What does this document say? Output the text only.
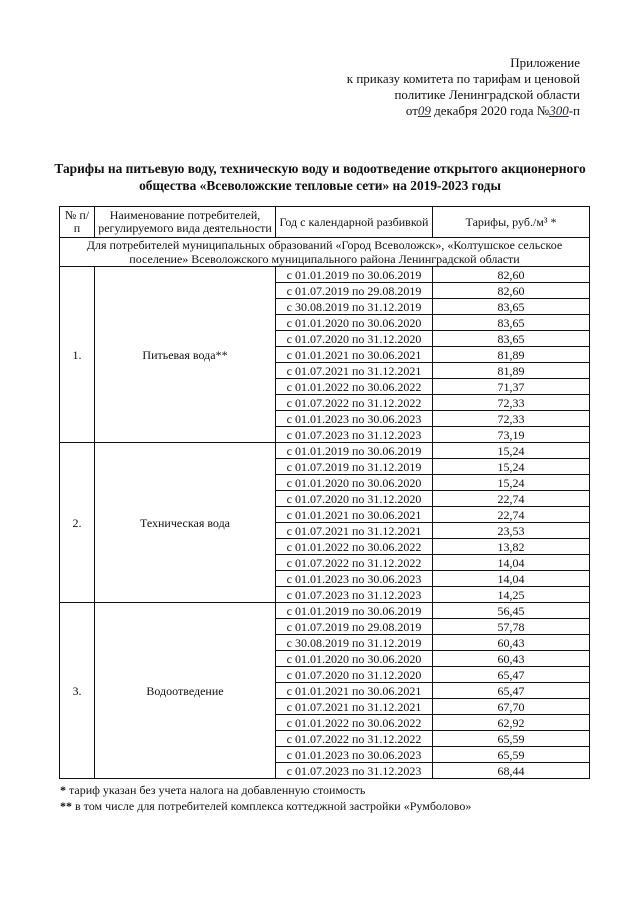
Приложение
к приказу комитета по тарифам и ценовой
политике Ленинградской области
от09 декабря 2020 года №300-п
Тарифы на питьевую воду, техническую воду и водоотведение открытого акционерного
общества «Всеволожские тепловые сети» на 2019-2023 годы
№ п/п	Наименование потребителей, регулируемого вида деятельности	Год с календарной разбивкой	Тарифы, руб./м³ *
Для потребителей муниципальных образований «Город Всеволожск», «Колтушское сельское поселение» Всеволожского муниципального района Ленинградской области			
1.	Питьевая вода**	с 01.01.2019 по 30.06.2019	82,60
		с 01.07.2019 по 29.08.2019	82,60
		с 30.08.2019 по 31.12.2019	83,65
		с 01.01.2020 по 30.06.2020	83,65
		с 01.07.2020 по 31.12.2020	83,65
		с 01.01.2021 по 30.06.2021	81,89
		с 01.07.2021 по 31.12.2021	81,89
		с 01.01.2022 по 30.06.2022	71,37
		с 01.07.2022 по 31.12.2022	72,33
		с 01.01.2023 по 30.06.2023	72,33
		с 01.07.2023 по 31.12.2023	73,19
2.	Техническая вода	с 01.01.2019 по 30.06.2019	15,24
		с 01.07.2019 по 31.12.2019	15,24
		с 01.01.2020 по 30.06.2020	15,24
		с 01.07.2020 по 31.12.2020	22,74
		с 01.01.2021 по 30.06.2021	22,74
		с 01.07.2021 по 31.12.2021	23,53
		с 01.01.2022 по 30.06.2022	13,82
		с 01.07.2022 по 31.12.2022	14,04
		с 01.01.2023 по 30.06.2023	14,04
		с 01.07.2023 по 31.12.2023	14,25
3.	Водоотведение	с 01.01.2019 по 30.06.2019	56,45
		с 01.07.2019 по 29.08.2019	57,78
		с 30.08.2019 по 31.12.2019	60,43
		с 01.01.2020 по 30.06.2020	60,43
		с 01.07.2020 по 31.12.2020	65,47
		с 01.01.2021 по 30.06.2021	65,47
		с 01.07.2021 по 31.12.2021	67,70
		с 01.01.2022 по 30.06.2022	62,92
		с 01.07.2022 по 31.12.2022	65,59
		с 01.01.2023 по 30.06.2023	65,59
		с 01.07.2023 по 31.12.2023	68,44
* тариф указан без учета налога на добавленную стоимость
** в том числе для потребителей комплекса коттеджной застройки «Румболово»
